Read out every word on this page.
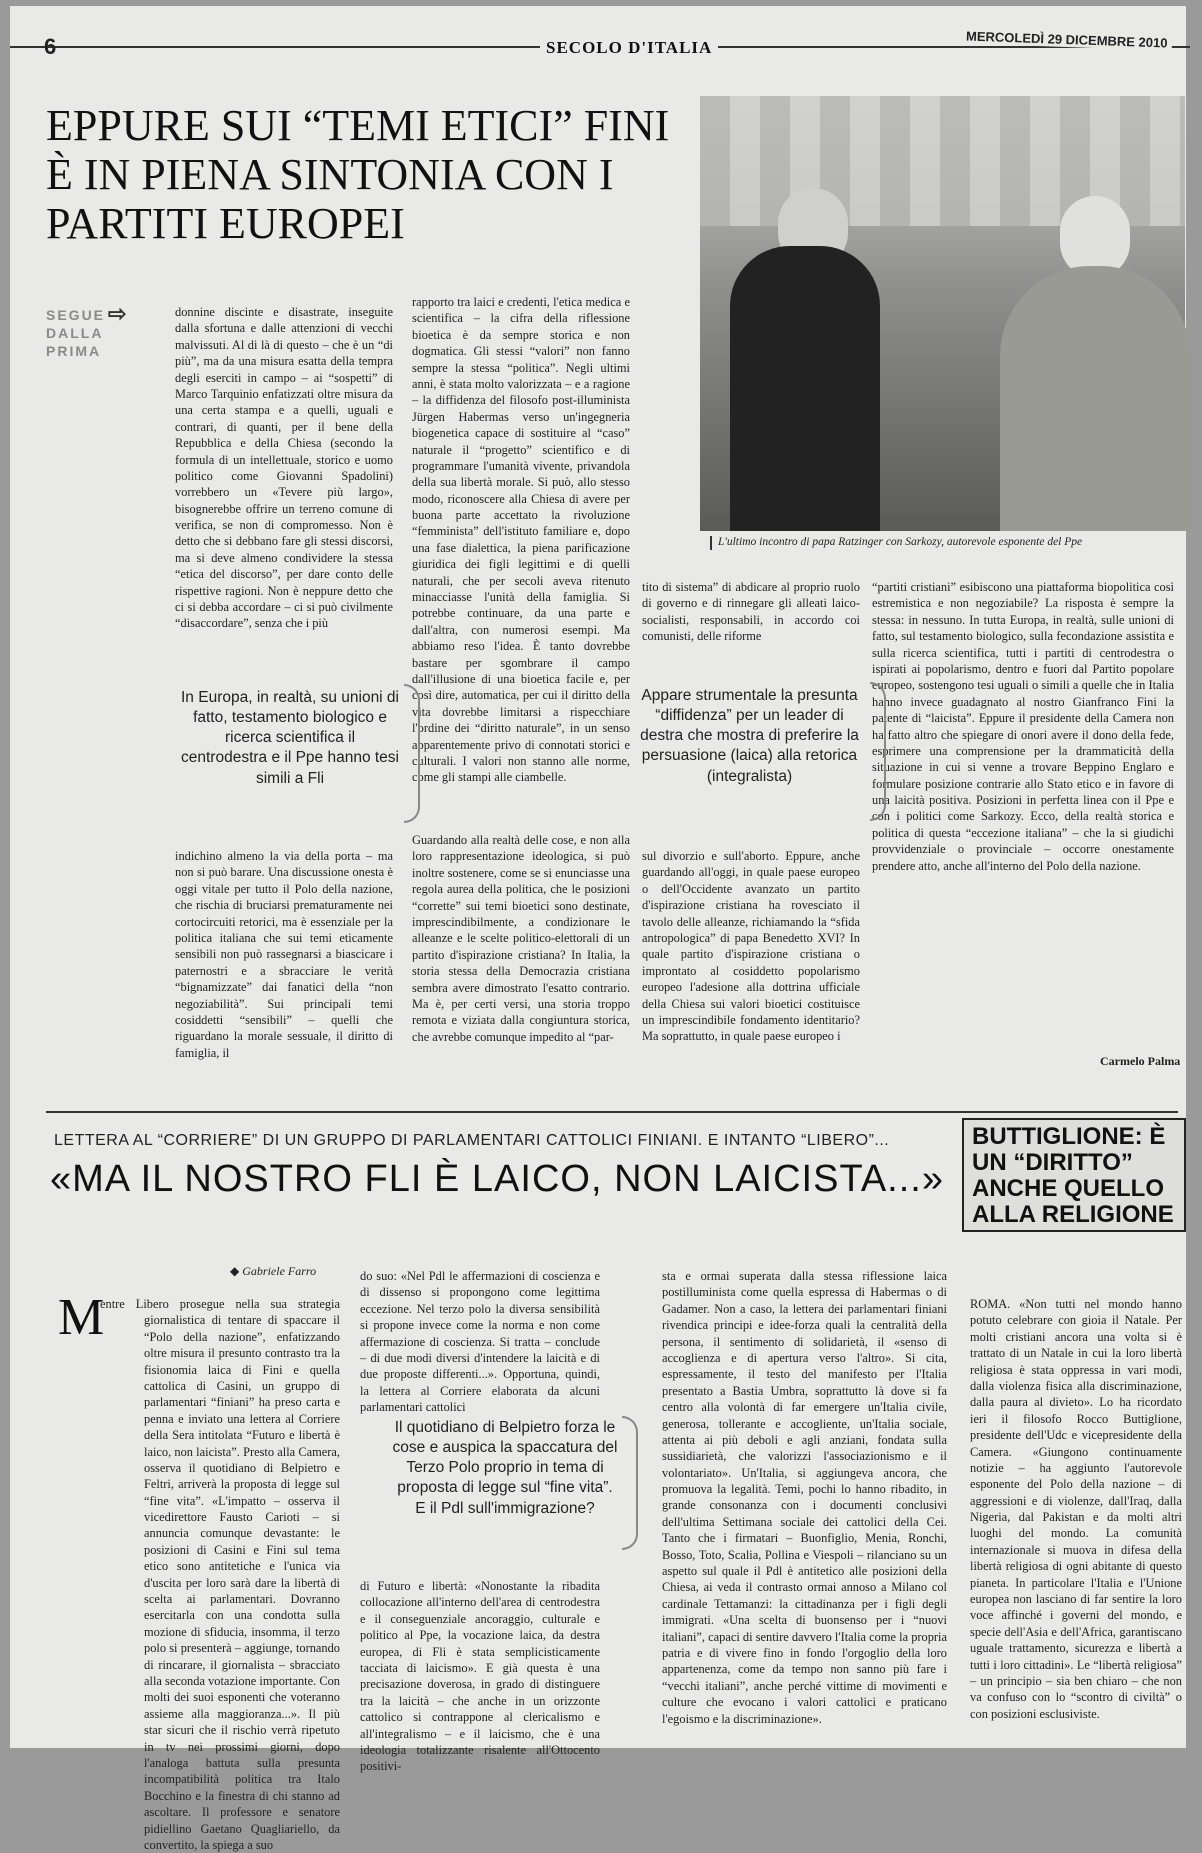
6	SECOLO D'ITALIA	MERCOLEDÌ 29 DICEMBRE 2010
EPPURE SUI “TEMI ETICI” FINI È IN PIENA SINTONIA CON I PARTITI EUROPEI
L'ultimo incontro di papa Ratzinger con Sarkozy, autorevole esponente del Ppe
SEGUE DALLA PRIMA
⇨	donnine discinte e disastrate, inseguite dalla sfortuna e dalle attenzioni di vecchi malvissuti. Al di là di questo – che è un “di più”, ma da una misura esatta della tempra degli eserciti in campo – ai “sospetti” di Marco Tarquinio enfatizzati oltre misura da una certa stampa e a quelli, uguali e contrari, di quanti, per il bene della Repubblica e della Chiesa (secondo la formula di un intellettuale, storico e uomo politico come Giovanni Spadolini) vorrebbero un «Tevere più largo», bisognerebbe offrire un terreno comune di verifica, se non di compromesso. Non è detto che si debbano fare gli stessi discorsi, ma si deve almeno condividere la stessa “etica del discorso”, per dare conto delle rispettive ragioni. Non è neppure detto che ci si debba accordare – ci si può civilmente “disaccordare”, senza che i più
rapporto tra laici e credenti, l'etica medica e scientifica – la cifra della riflessione bioetica è da sempre storica e non dogmatica. Gli stessi “valori” non fanno sempre la stessa “politica”. Negli ultimi anni, è stata molto valorizzata – e a ragione – la diffidenza del filosofo post-illuminista Jürgen Habermas verso un'ingegneria biogenetica capace di sostituire al “caso” naturale il “progetto” scientifico e di programmare l'umanità vivente, privandola della sua libertà morale. Si può, allo stesso modo, riconoscere alla Chiesa di avere per buona parte accettato la rivoluzione “femminista” dell'istituto familiare e, dopo una fase dialettica, la piena parificazione giuridica dei figli legittimi e di quelli naturali, che per secoli aveva ritenuto minacciasse l'unità della famiglia. Si potrebbe continuare, da una parte e dall'altra, con numerosi esempi. Ma abbiamo reso l'idea. È tanto dovrebbe bastare per sgombrare il campo dall'illusione di una bioetica facile e, per così dire, automatica, per cui il diritto della vita dovrebbe limitarsi a rispecchiare l'ordine dei “diritto naturale”, in un senso apparentemente privo di connotati storici e culturali. I valori non stanno alle norme, come gli stampi alle ciambelle.
tito di sistema” di abdicare al proprio ruolo di governo e di rinnegare gli alleati laico-socialisti, responsabili, in accordo coi comunisti, delle riforme
“partiti cristiani” esibiscono una piattaforma biopolitica così estremistica e non negoziabile? La risposta è sempre la stessa: in nessuno. In tutta Europa, in realtà, sulle unioni di fatto, sul testamento biologico, sulla fecondazione assistita e sulla ricerca scientifica, tutti i partiti di centrodestra o ispirati ai popolarismo, dentro e fuori dal Partito popolare europeo, sostengono tesi uguali o simili a quelle che in Italia hanno invece guadagnato al nostro Gianfranco Fini la patente di “laicista”. Eppure il presidente della Camera non ha fatto altro che spiegare di onori avere il dono della fede, esprimere una comprensione per la drammaticità della situazione in cui si venne a trovare Beppino Englaro e formulare posizione contrarie allo Stato etico e in favore di una laicità positiva. Posizioni in perfetta linea con il Ppe e con i politici come Sarkozy. Ecco, della realtà storica e politica di questa “eccezione italiana” – che la si giudichi provvidenziale o provinciale – occorre onestamente prendere atto, anche all'interno del Polo della nazione.
In Europa, in realtà, su unioni di fatto, testamento biologico e ricerca scientifica il centrodestra e il Ppe hanno tesi simili a Fli
Appare strumentale la presunta “diffidenza” per un leader di destra che mostra di preferire la persuasione (laica) alla retorica (integralista)
indichino almeno la via della porta – ma non si può barare. Una discussione onesta è oggi vitale per tutto il Polo della nazione, che rischia di bruciarsi prematuramente nei cortocircuiti retorici, ma è essenziale per la politica italiana che sui temi eticamente sensibili non può rassegnarsi a biascicare i paternostri e a sbracciare le verità “bignamizzate” dai fanatici della “non negoziabilità”. Sui principali temi cosiddetti “sensibili” – quelli che riguardano la morale sessuale, il diritto di famiglia, il
Guardando alla realtà delle cose, e non alla loro rappresentazione ideologica, si può inoltre sostenere, come se si enunciasse una regola aurea della politica, che le posizioni “corrette” sui temi bioetici sono destinate, imprescindibilmente, a condizionare le alleanze e le scelte politico-elettorali di un partito d'ispirazione cristiana? In Italia, la storia stessa della Democrazia cristiana sembra avere dimostrato l'esatto contrario. Ma è, per certi versi, una storia troppo remota e viziata dalla congiuntura storica, che avrebbe comunque impedito al “par-
sul divorzio e sull'aborto. Eppure, anche guardando all'oggi, in quale paese europeo o dell'Occidente avanzato un partito d'ispirazione cristiana ha rovesciato il tavolo delle alleanze, richiamando la “sfida antropologica” di papa Benedetto XVI? In quale partito d'ispirazione cristiana o improntato al cosiddetto popolarismo europeo l'adesione alla dottrina ufficiale della Chiesa sui valori bioetici costituisce un imprescindibile fondamento identitario? Ma soprattutto, in quale paese europeo i
Carmelo Palma
LETTERA AL “CORRIERE” DI UN GRUPPO DI PARLAMENTARI CATTOLICI FINIANI. E INTANTO “LIBERO”...
«MA IL NOSTRO FLI È LAICO, NON LAICISTA...»
BUTTIGLIONE: È UN “DIRITTO” ANCHE QUELLO ALLA RELIGIONE
ROMA. «Non tutti nel mondo hanno potuto celebrare con gioia il Natale. Per molti cristiani ancora una volta si è trattato di un Natale in cui la loro libertà religiosa è stata oppressa in vari modi, dalla violenza fisica alla discriminazione, dalla paura al divieto». Lo ha ricordato ieri il filosofo Rocco Buttiglione, presidente dell'Udc e vicepresidente della Camera. «Giungono continuamente notizie – ha aggiunto l'autorevole esponente del Polo della nazione – di aggressioni e di violenze, dall'Iraq, dalla Nigeria, dal Pakistan e da molti altri luoghi del mondo. La comunità internazionale si muova in difesa della libertà religiosa di ogni abitante di questo pianeta. In particolare l'Italia e l'Unione europea non lasciano di far sentire la loro voce affinché i governi del mondo, e specie dell'Asia e dell'Africa, garantiscano uguale trattamento, sicurezza e libertà a tutti i loro cittadini». Le “libertà religiosa” – un principio – sia ben chiaro – che non va confuso con lo “scontro di civiltà” o con posizioni esclusiviste.
◆ Gabriele Farro
M
entre Libero prosegue nella sua strategia giornalistica di tentare di spaccare il “Polo della nazione”, enfatizzando oltre misura il presunto contrasto tra la fisionomia laica di Fini e quella cattolica di Casini, un gruppo di parlamentari “finiani” ha preso carta e penna e inviato una lettera al Corriere della Sera intitolata “Futuro e libertà è laico, non laicista”. Presto alla Camera, osserva il quotidiano di Belpietro e Feltri, arriverà la proposta di legge sul “fine vita”. «L'impatto – osserva il vicedirettore Fausto Carioti – si annuncia comunque devastante: le posizioni di Casini e Fini sul tema etico sono antitetiche e l'unica via d'uscita per loro sarà dare la libertà di scelta ai parlamentari. Dovranno esercitarla con una condotta sulla mozione di sfiducia, insomma, il terzo polo si presenterà – aggiunge, tornando di rincarare, il giornalista – sbracciato alla seconda votazione importante. Con molti dei suoi esponenti che voteranno assieme alla maggioranza...». Il più star sicuri che il rischio verrà ripetuto in tv nei prossimi giorni, dopo l'analoga battuta sulla presunta incompatibilità politica tra Italo Bocchino e la finestra di chi stanno ad ascoltare. Il professore e senatore pidiellino Gaetano Quagliariello, da convertito, la spiega a suo
do suo: «Nel Pdl le affermazioni di coscienza e di dissenso si propongono come legittima eccezione. Nel terzo polo la diversa sensibilità si propone invece come la norma e non come affermazione di coscienza. Si tratta – conclude – di due modi diversi d'intendere la laicità e di due proposte differenti...». Opportuna, quindi, la lettera al Corriere elaborata da alcuni parlamentari cattolici
Il quotidiano di Belpietro forza le cose e auspica la spaccatura del Terzo Polo proprio in tema di proposta di legge sul “fine vita”. E il Pdl sull'immigrazione?
di Futuro e libertà: «Nonostante la ribadita collocazione all'interno dell'area di centrodestra e il conseguenziale ancoraggio, culturale e politico al Ppe, la vocazione laica, da destra europea, di Fli è stata semplicisticamente tacciata di laicismo». E già questa è una precisazione doverosa, in grado di distinguere tra la laicità – che anche in un orizzonte cattolico si contrappone al clericalismo e all'integralismo – e il laicismo, che è una ideologia totalizzante risalente all'Ottocento positivi-
sta e ormai superata dalla stessa riflessione laica postilluminista come quella espressa di Habermas o di Gadamer. Non a caso, la lettera dei parlamentari finiani rivendica principi e idee-forza quali la centralità della persona, il sentimento di solidarietà, il «senso di accoglienza e di apertura verso l'altro». Si cita, espressamente, il testo del manifesto per l'Italia presentato a Bastia Umbra, soprattutto là dove si fa centro alla volontà di far emergere un'Italia civile, generosa, tollerante e accogliente, un'Italia sociale, attenta ai più deboli e agli anziani, fondata sulla sussidiarietà, che valorizzi l'associazionismo e il volontariato». Un'Italia, si aggiungeva ancora, che promuova la legalità. Temi, pochi lo hanno ribadito, in grande consonanza con i documenti conclusivi dell'ultima Settimana sociale dei cattolici della Cei. Tanto che i firmatari – Buonfiglio, Menia, Ronchi, Bosso, Toto, Scalia, Pollina e Viespoli – rilanciano su un aspetto sul quale il Pdl è antitetico alle posizioni della Chiesa, ai veda il contrasto ormai annoso a Milano col cardinale Tettamanzi: la cittadinanza per i figli degli immigrati. «Una scelta di buonsenso per i “nuovi italiani”, capaci di sentire davvero l'Italia come la propria patria e di vivere fino in fondo l'orgoglio della loro appartenenza, come da tempo non sanno più fare i “vecchi italiani”, anche perché vittime di movimenti e culture che evocano i valori cattolici e praticano l'egoismo e la discriminazione».
